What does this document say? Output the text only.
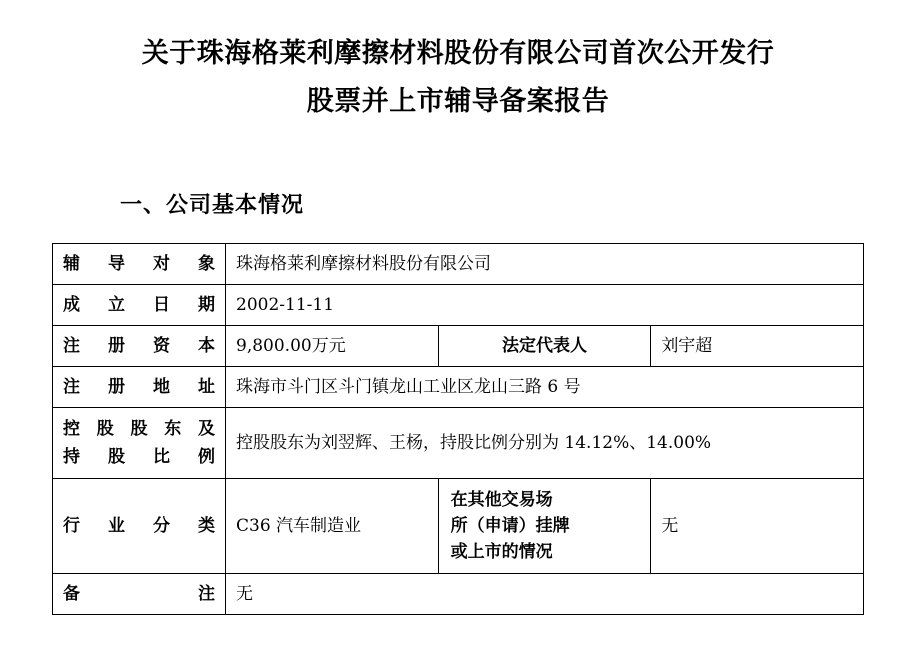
关于珠海格莱利摩擦材料股份有限公司首次公开发行
股票并上市辅导备案报告
一、公司基本情况
辅导对象	珠海格莱利摩擦材料股份有限公司		
成立日期	2002-11-11		
注册资本	9,800.00万元	法定代表人	刘宇超
注册地址	珠海市斗门区斗门镇龙山工业区龙山三路 6 号		

控股股东及
持股比例	控股股东为刘翌辉、王杨，持股比例分别为 14.12%、14.00%		
行业分类	C36 汽车制造业	在其他交易场
所（申请）挂牌
或上市的情况	无
备注	无		
